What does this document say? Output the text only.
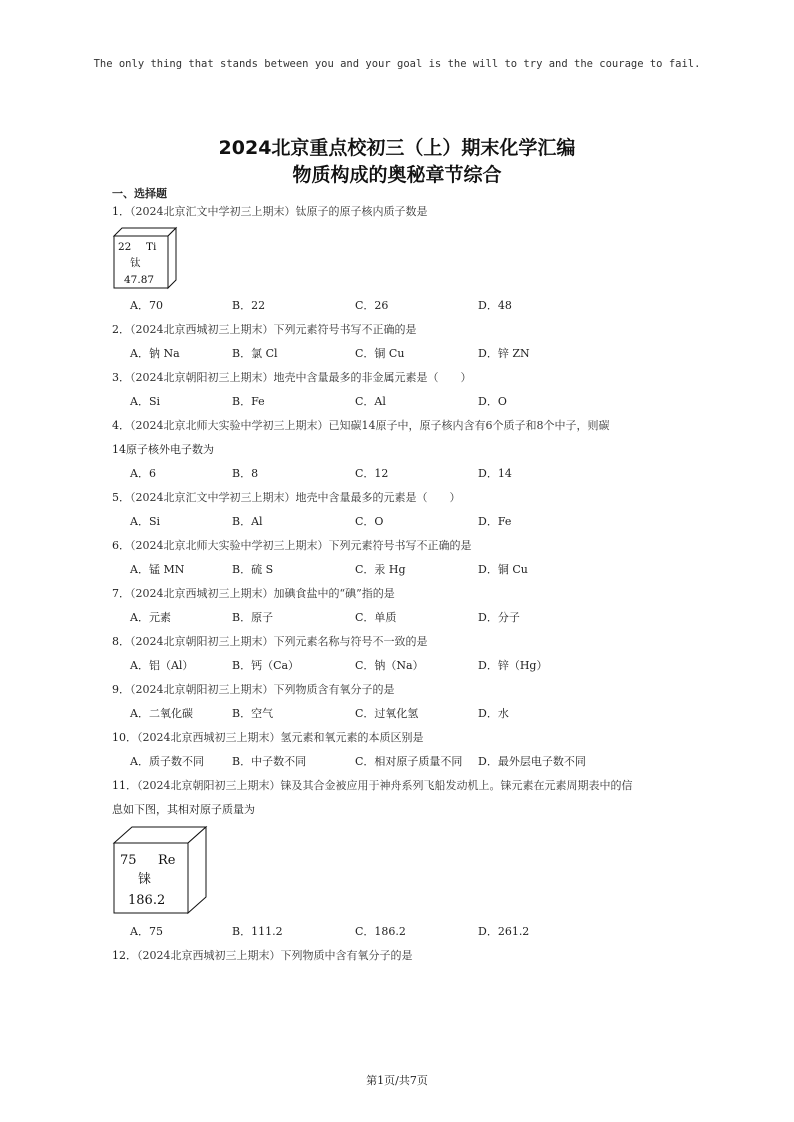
The only thing that stands between you and your goal is the will to try and the courage to fail.
2024北京重点校初三（上）期末化学汇编
物质构成的奥秘章节综合
一、选择题
1．（2024北京汇文中学初三上期末）钛原子的原子核内质子数是
22 Ti
钛
47.87
A．70	B．22	C．26	D．48
2．（2024北京西城初三上期末）下列元素符号书写不正确的是
A．钠 Na	B．氯 Cl	C．铜 Cu	D．锌 ZN
3．（2024北京朝阳初三上期末）地壳中含量最多的非金属元素是（　　）
A．Si	B．Fe	C．Al	D．O
4．（2024北京北师大实验中学初三上期末）已知碳14原子中，原子核内含有6个质子和8个中子，则碳
14原子核外电子数为
A．6	B．8	C．12	D．14
5．（2024北京汇文中学初三上期末）地壳中含量最多的元素是（　　）
A．Si	B．Al	C．O	D．Fe
6．（2024北京北师大实验中学初三上期末）下列元素符号书写不正确的是
A．锰 MN	B．硫 S	C．汞 Hg	D．铜 Cu
7．（2024北京西城初三上期末）加碘食盐中的“碘”指的是
A．元素	B．原子	C．单质	D．分子
8．（2024北京朝阳初三上期末）下列元素名称与符号不一致的是
A．铝（Al）	B．钙（Ca）	C．钠（Na）	D．锌（Hg）
9．（2024北京朝阳初三上期末）下列物质含有氧分子的是
A．二氧化碳	B．空气	C．过氧化氢	D．水
10．（2024北京西城初三上期末）氢元素和氧元素的本质区别是
A．质子数不同	B．中子数不同	C．相对原子质量不同 D．最外层电子数不同
11．（2024北京朝阳初三上期末）铼及其合金被应用于神舟系列飞船发动机上。铼元素在元素周期表中的信
息如下图，其相对原子质量为
75 Re
铼
186.2
A．75	B．111.2	C．186.2	D．261.2
12．（2024北京西城初三上期末）下列物质中含有氧分子的是
第1页/共7页
